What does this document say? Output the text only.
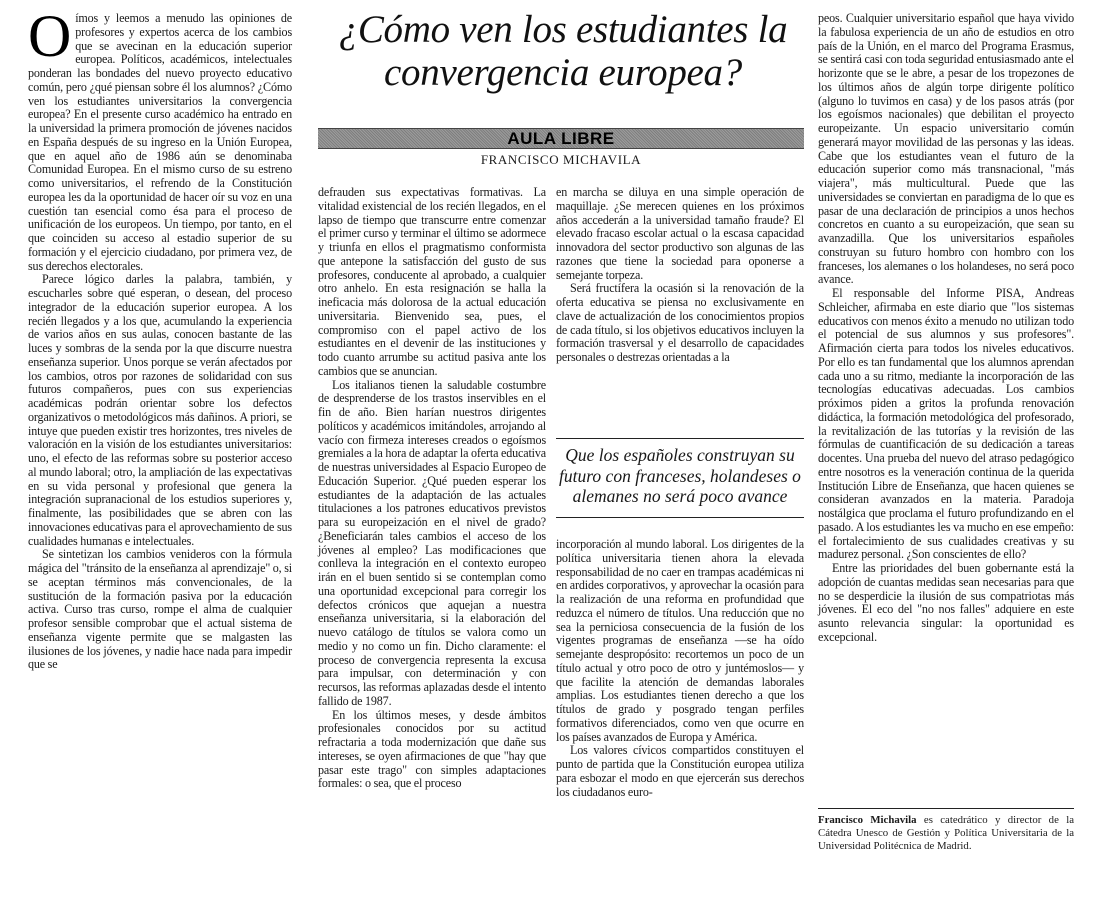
Oímos y leemos a menudo las opiniones de profesores y expertos acerca de los cambios que se avecinan en la educación superior europea. Políticos, académicos, intelectuales ponderan las bondades del nuevo proyecto educativo común, pero ¿qué piensan sobre él los alumnos? ¿Cómo ven los estudiantes universitarios la convergencia europea? En el presente curso académico ha entrado en la universidad la primera promoción de jóvenes nacidos en España después de su ingreso en la Unión Europea, que en aquel año de 1986 aún se denominaba Comunidad Europea. En el mismo curso de su estreno como universitarios, el refrendo de la Constitución europea les da la oportunidad de hacer oír su voz en una cuestión tan esencial como ésa para el proceso de unificación de los europeos. Un tiempo, por tanto, en el que coinciden su acceso al estadio superior de su formación y el ejercicio ciudadano, por primera vez, de sus derechos electorales.

Parece lógico darles la palabra, también, y escucharles sobre qué esperan, o desean, del proceso integrador de la educación superior europea. A los recién llegados y a los que, acumulando la experiencia de varios años en sus aulas, conocen bastante de las luces y sombras de la senda por la que discurre nuestra enseñanza superior. Unos porque se verán afectados por los cambios, otros por razones de solidaridad con sus futuros compañeros, pues con sus experiencias académicas podrán orientar sobre los defectos organizativos o metodológicos más dañinos. A priori, se intuye que pueden existir tres horizontes, tres niveles de valoración en la visión de los estudiantes universitarios: uno, el efecto de las reformas sobre su posterior acceso al mundo laboral; otro, la ampliación de las expectativas en su vida personal y profesional que genera la integración supranacional de los estudios superiores y, finalmente, las posibilidades que se abren con las innovaciones educativas para el aprovechamiento de sus cualidades humanas e intelectuales.

Se sintetizan los cambios venideros con la fórmula mágica del "tránsito de la enseñanza al aprendizaje" o, si se aceptan términos más convencionales, de la sustitución de la formación pasiva por la educación activa. Curso tras curso, rompe el alma de cualquier profesor sensible comprobar que el actual sistema de enseñanza vigente permite que se malgasten las ilusiones de los jóvenes, y nadie hace nada para impedir que se

¿Cómo ven los estudiantes la convergencia europea?
AULA LIBRE
FRANCISCO MICHAVILA

defrauden sus expectativas formativas. La vitalidad existencial de los recién llegados, en el lapso de tiempo que transcurre entre comenzar el primer curso y terminar el último se adormece y triunfa en ellos el pragmatismo conformista que antepone la satisfacción del gusto de sus profesores, conducente al aprobado, a cualquier otro anhelo. En esta resignación se halla la ineficacia más dolorosa de la actual educación universitaria. Bienvenido sea, pues, el compromiso con el papel activo de los estudiantes en el devenir de las instituciones y todo cuanto arrumbe su actitud pasiva ante los cambios que se anuncian.

Los italianos tienen la saludable costumbre de desprenderse de los trastos inservibles en el fin de año. Bien harían nuestros dirigentes políticos y académicos imitándoles, arrojando al vacío con firmeza intereses creados o egoísmos gremiales a la hora de adaptar la oferta educativa de nuestras universidades al Espacio Europeo de Educación Superior. ¿Qué pueden esperar los estudiantes de la adaptación de las actuales titulaciones a los patrones educativos previstos para su europeización en el nivel de grado? ¿Beneficiarán tales cambios el acceso de los jóvenes al empleo? Las modificaciones que conlleva la integración en el contexto europeo irán en el buen sentido si se contemplan como una oportunidad excepcional para corregir los defectos crónicos que aquejan a nuestra enseñanza universitaria, si la elaboración del nuevo catálogo de títulos se valora como un medio y no como un fin. Dicho claramente: el proceso de convergencia representa la excusa para impulsar, con determinación y con recursos, las reformas aplazadas desde el intento fallido de 1987.

En los últimos meses, y desde ámbitos profesionales conocidos por su actitud refractaria a toda modernización que dañe sus intereses, se oyen afirmaciones de que "hay que pasar este trago" con simples adaptaciones formales: o sea, que el proceso

en marcha se diluya en una simple operación de maquillaje. ¿Se merecen quienes en los próximos años accederán a la universidad tamaño fraude? El elevado fracaso escolar actual o la escasa capacidad innovadora del sector productivo son algunas de las razones que tiene la sociedad para oponerse a semejante torpeza.

Será fructífera la ocasión si la renovación de la oferta educativa se piensa no exclusivamente en clave de actualización de los conocimientos propios de cada título, si los objetivos educativos incluyen la formación trasversal y el desarrollo de capacidades personales o destrezas orientadas a la

Que los españoles construyan su futuro con franceses, holandeses o alemanes no será poco avance

incorporación al mundo laboral. Los dirigentes de la política universitaria tienen ahora la elevada responsabilidad de no caer en trampas académicas ni en ardides corporativos, y aprovechar la ocasión para la realización de una reforma en profundidad que reduzca el número de títulos. Una reducción que no sea la perniciosa consecuencia de la fusión de los vigentes programas de enseñanza —se ha oído semejante despropósito: recortemos un poco de un título actual y otro poco de otro y juntémoslos— y que facilite la atención de demandas laborales amplias. Los estudiantes tienen derecho a que los títulos de grado y posgrado tengan perfiles formativos diferenciados, como ven que ocurre en los países avanzados de Europa y América.

Los valores cívicos compartidos constituyen el punto de partida que la Constitución europea utiliza para esbozar el modo en que ejercerán sus derechos los ciudadanos euro-

peos. Cualquier universitario español que haya vivido la fabulosa experiencia de un año de estudios en otro país de la Unión, en el marco del Programa Erasmus, se sentirá casi con toda seguridad entusiasmado ante el horizonte que se le abre, a pesar de los tropezones de los últimos años de algún torpe dirigente político (alguno lo tuvimos en casa) y de los pasos atrás (por los egoísmos nacionales) que debilitan el proyecto europeizante. Un espacio universitario común generará mayor movilidad de las personas y las ideas. Cabe que los estudiantes vean el futuro de la educación superior como más transnacional, "más viajera", más multicultural. Puede que las universidades se conviertan en paradigma de lo que es pasar de una declaración de principios a unos hechos concretos en cuanto a su europeización, que sean su avanzadilla. Que los universitarios españoles construyan su futuro hombro con hombro con los franceses, los alemanes o los holandeses, no será poco avance.

El responsable del Informe PISA, Andreas Schleicher, afirmaba en este diario que "los sistemas educativos con menos éxito a menudo no utilizan todo el potencial de sus alumnos y sus profesores". Afirmación cierta para todos los niveles educativos. Por ello es tan fundamental que los alumnos aprendan cada uno a su ritmo, mediante la incorporación de las tecnologías educativas adecuadas. Los cambios próximos piden a gritos la profunda renovación didáctica, la formación metodológica del profesorado, la revitalización de las tutorías y la revisión de las fórmulas de cuantificación de su dedicación a tareas docentes. Una prueba del nuevo del atraso pedagógico entre nosotros es la veneración continua de la querida Institución Libre de Enseñanza, que hacen quienes se consideran avanzados en la materia. Paradoja nostálgica que proclama el futuro profundizando en el pasado. A los estudiantes les va mucho en ese empeño: el fortalecimiento de sus cualidades creativas y su madurez personal. ¿Son conscientes de ello?

Entre las prioridades del buen gobernante está la adopción de cuantas medidas sean necesarias para que no se desperdicie la ilusión de sus compatriotas más jóvenes. El eco del "no nos falles" adquiere en este asunto relevancia singular: la oportunidad es excepcional.

Francisco Michavila es catedrático y director de la Cátedra Unesco de Gestión y Política Universitaria de la Universidad Politécnica de Madrid.
